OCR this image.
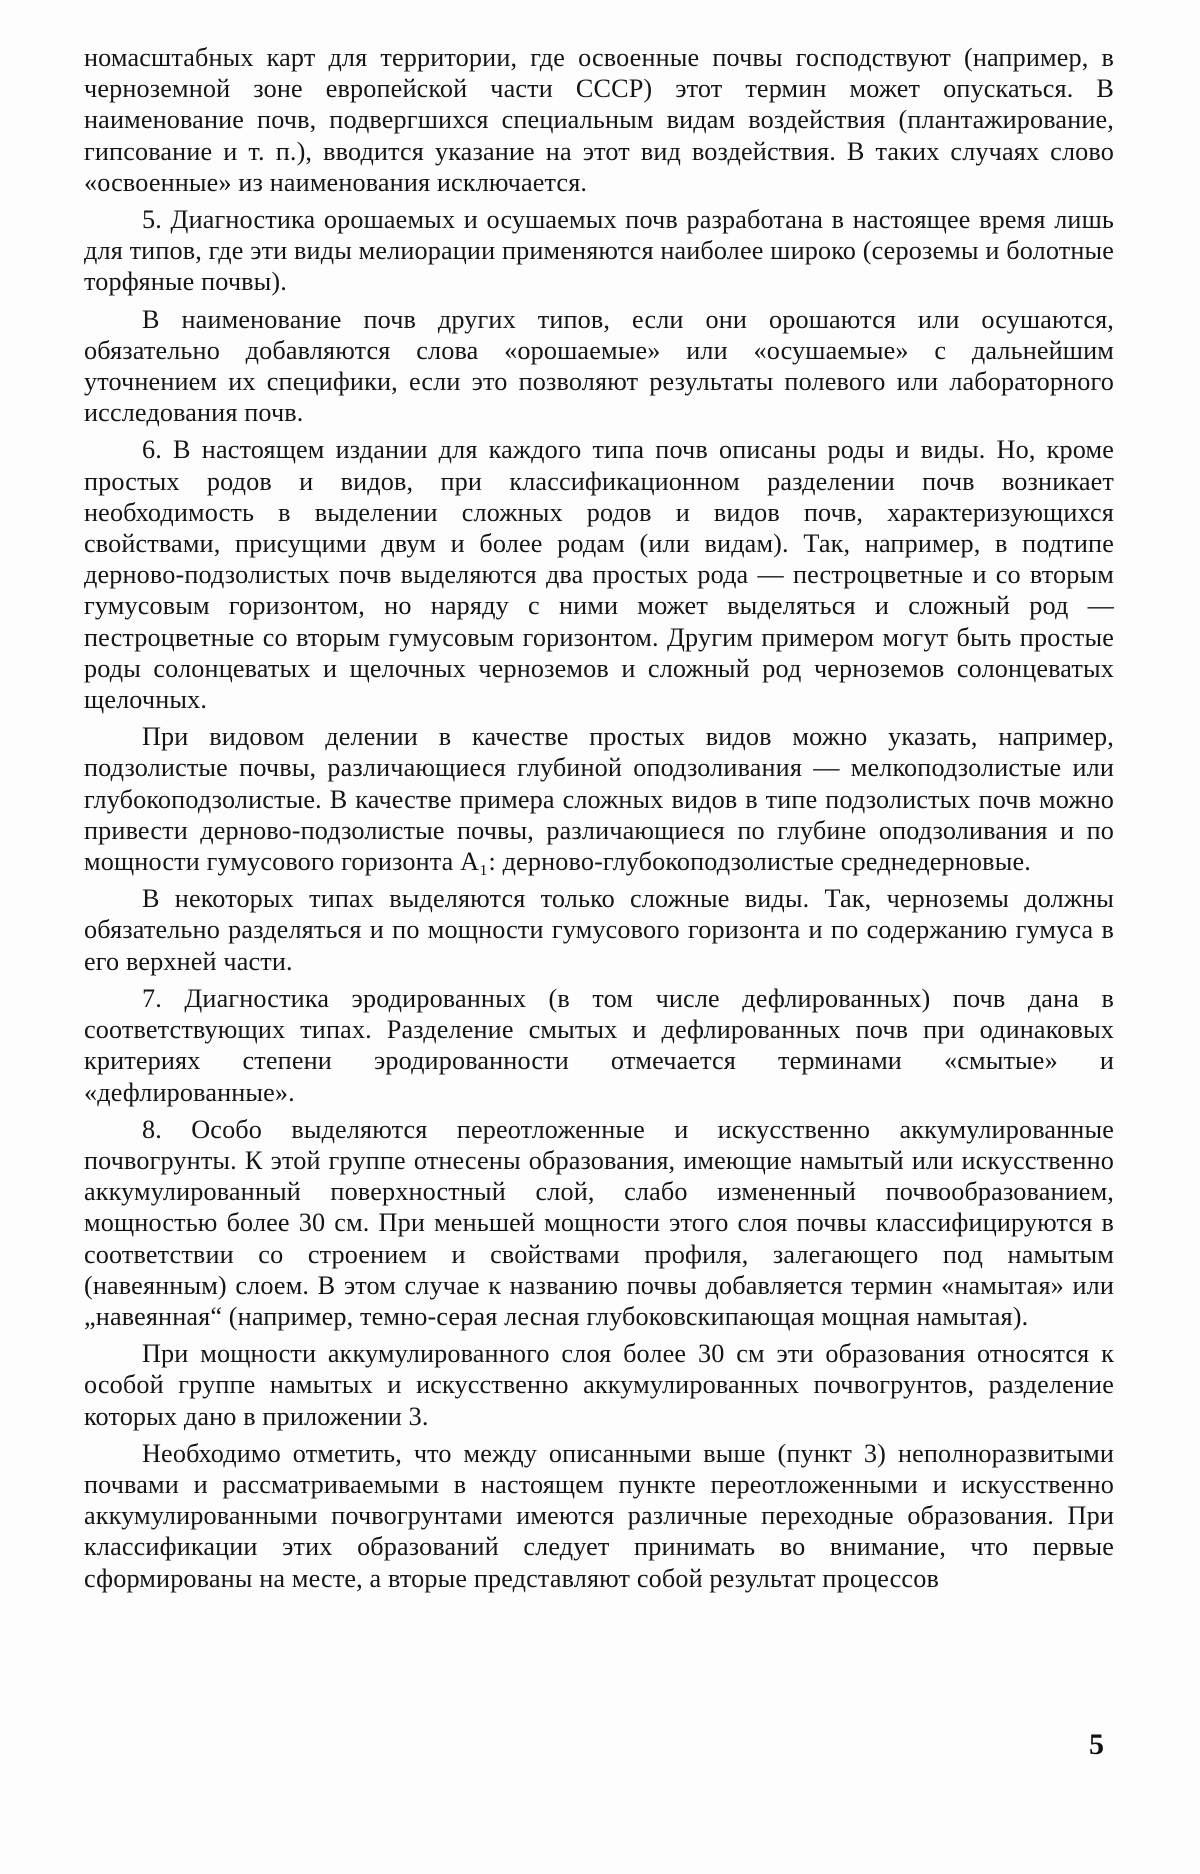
номасштабных карт для территории, где освоенные почвы господствуют (например, в черноземной зоне европейской части СССР) этот термин может опускаться. В наименование почв, подвергшихся специальным видам воздействия (плантажирование, гипсование и т. п.), вводится указание на этот вид воздействия. В таких случаях слово «освоенные» из наименования исключается.

5. Диагностика орошаемых и осушаемых почв разработана в настоящее время лишь для типов, где эти виды мелиорации применяются наиболее широко (сероземы и болотные торфяные почвы).

В наименование почв других типов, если они орошаются или осушаются, обязательно добавляются слова «орошаемые» или «осушаемые» с дальнейшим уточнением их специфики, если это позволяют результаты полевого или лабораторного исследования почв.

6. В настоящем издании для каждого типа почв описаны роды и виды. Но, кроме простых родов и видов, при классификационном разделении почв возникает необходимость в выделении сложных родов и видов почв, характеризующихся свойствами, присущими двум и более родам (или видам). Так, например, в подтипе дерново-подзолистых почв выделяются два простых рода — пестроцветные и со вторым гумусовым горизонтом, но наряду с ними может выделяться и сложный род — пестроцветные со вторым гумусовым горизонтом. Другим примером могут быть простые роды солонцеватых и щелочных черноземов и сложный род черноземов солонцеватых щелочных.

При видовом делении в качестве простых видов можно указать, например, подзолистые почвы, различающиеся глубиной оподзоливания — мелкоподзолистые или глубокоподзолистые. В качестве примера сложных видов в типе подзолистых почв можно привести дерново-подзолистые почвы, различающиеся по глубине оподзоливания и по мощности гумусового горизонта A₁: дерново-глубокоподзолистые среднедерновые.

В некоторых типах выделяются только сложные виды. Так, черноземы должны обязательно разделяться и по мощности гумусового горизонта и по содержанию гумуса в его верхней части.

7. Диагностика эродированных (в том числе дефлированных) почв дана в соответствующих типах. Разделение смытых и дефлированных почв при одинаковых критериях степени эродированности отмечается терминами «смытые» и «дефлированные».

8. Особо выделяются переотложенные и искусственно аккумулированные почвогрунты. К этой группе отнесены образования, имеющие намытый или искусственно аккумулированный поверхностный слой, слабо измененный почвообразованием, мощностью более 30 см. При меньшей мощности этого слоя почвы классифицируются в соответствии со строением и свойствами профиля, залегающего под намытым (навеянным) слоем. В этом случае к названию почвы добавляется термин «намытая» или „навеянная“ (например, темно-серая лесная глубоковскипающая мощная намытая).

При мощности аккумулированного слоя более 30 см эти образования относятся к особой группе намытых и искусственно аккумулированных почвогрунтов, разделение которых дано в приложении 3.

Необходимо отметить, что между описанными выше (пункт 3) неполноразвитыми почвами и рассматриваемыми в настоящем пункте переотложенными и искусственно аккумулированными почвогрунтами имеются различные переходные образования. При классификации этих образований следует принимать во внимание, что первые сформированы на месте, а вторые представляют собой результат процессов

5
